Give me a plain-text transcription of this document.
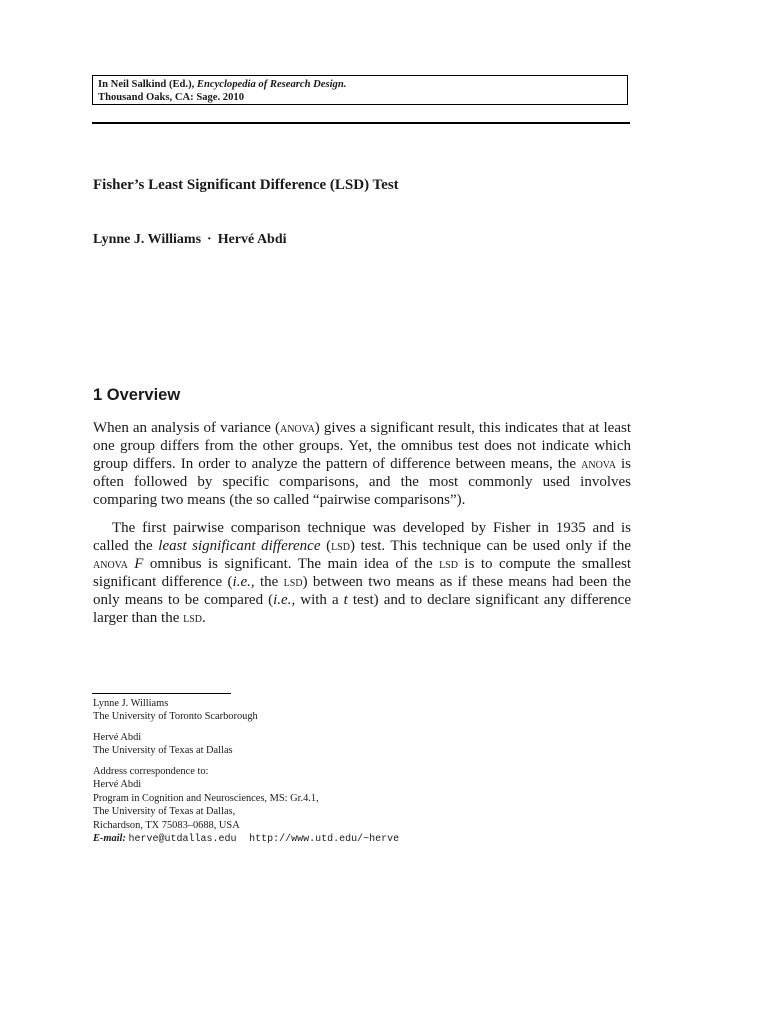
In Neil Salkind (Ed.), Encyclopedia of Research Design.
Thousand Oaks, CA: Sage. 2010
Fisher’s Least Significant Difference (LSD) Test
Lynne J. Williams · Hervé Abdi
1 Overview
When an analysis of variance (anova) gives a significant result, this indicates that at least one group differs from the other groups. Yet, the omnibus test does not indicate which group differs. In order to analyze the pattern of difference between means, the anova is often followed by specific comparisons, and the most commonly used involves comparing two means (the so called “pairwise comparisons”).
The first pairwise comparison technique was developed by Fisher in 1935 and is called the least significant difference (lsd) test. This technique can be used only if the anova F omnibus is significant. The main idea of the lsd is to compute the smallest significant difference (i.e., the lsd) between two means as if these means had been the only means to be compared (i.e., with a t test) and to declare significant any difference larger than the lsd.
Lynne J. Williams
The University of Toronto Scarborough
Hervé Abdi
The University of Texas at Dallas
Address correspondence to:
Hervé Abdi
Program in Cognition and Neurosciences, MS: Gr.4.1,
The University of Texas at Dallas,
Richardson, TX 75083–0688, USA
E-mail: herve@utdallas.edu http://www.utd.edu/~herve
